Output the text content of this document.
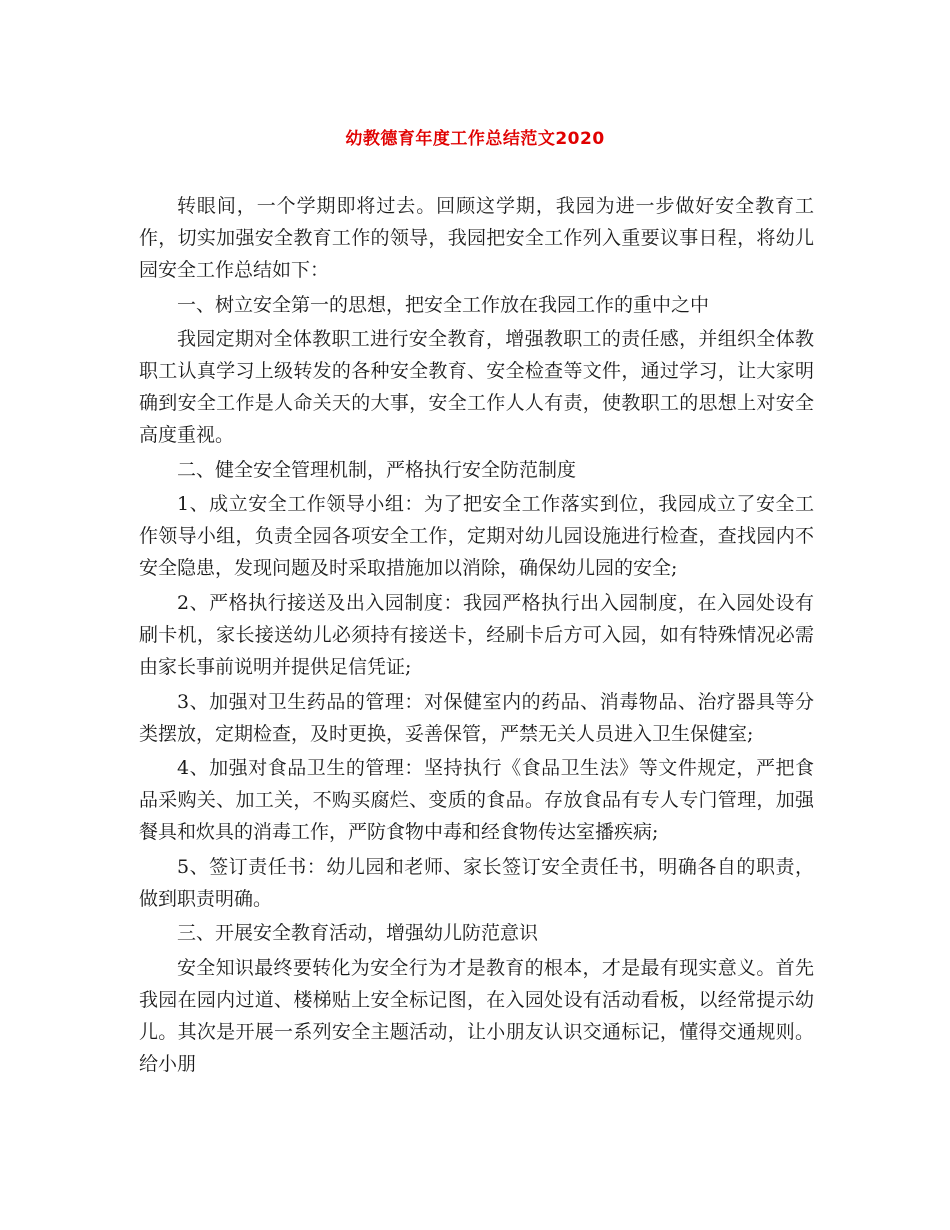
幼教德育年度工作总结范文2020

转眼间，一个学期即将过去。回顾这学期，我园为进一步做好安全教育工作，切实加强安全教育工作的领导，我园把安全工作列入重要议事日程，将幼儿园安全工作总结如下：

一、树立安全第一的思想，把安全工作放在我园工作的重中之中

我园定期对全体教职工进行安全教育，增强教职工的责任感，并组织全体教职工认真学习上级转发的各种安全教育、安全检查等文件，通过学习，让大家明确到安全工作是人命关天的大事，安全工作人人有责，使教职工的思想上对安全高度重视。

二、健全安全管理机制，严格执行安全防范制度

1、成立安全工作领导小组：为了把安全工作落实到位，我园成立了安全工作领导小组，负责全园各项安全工作，定期对幼儿园设施进行检查，查找园内不安全隐患，发现问题及时采取措施加以消除，确保幼儿园的安全;

2、严格执行接送及出入园制度：我园严格执行出入园制度，在入园处设有刷卡机，家长接送幼儿必须持有接送卡，经刷卡后方可入园，如有特殊情况必需由家长事前说明并提供足信凭证;

3、加强对卫生药品的管理：对保健室内的药品、消毒物品、治疗器具等分类摆放，定期检查，及时更换，妥善保管，严禁无关人员进入卫生保健室;

4、加强对食品卫生的管理：坚持执行《食品卫生法》等文件规定，严把食品采购关、加工关，不购买腐烂、变质的食品。存放食品有专人专门管理，加强餐具和炊具的消毒工作，严防食物中毒和经食物传达室播疾病;

5、签订责任书：幼儿园和老师、家长签订安全责任书，明确各自的职责，做到职责明确。

三、开展安全教育活动，增强幼儿防范意识

安全知识最终要转化为安全行为才是教育的根本，才是最有现实意义。首先我园在园内过道、楼梯贴上安全标记图，在入园处设有活动看板，以经常提示幼儿。其次是开展一系列安全主题活动，让小朋友认识交通标记，懂得交通规则。给小朋
